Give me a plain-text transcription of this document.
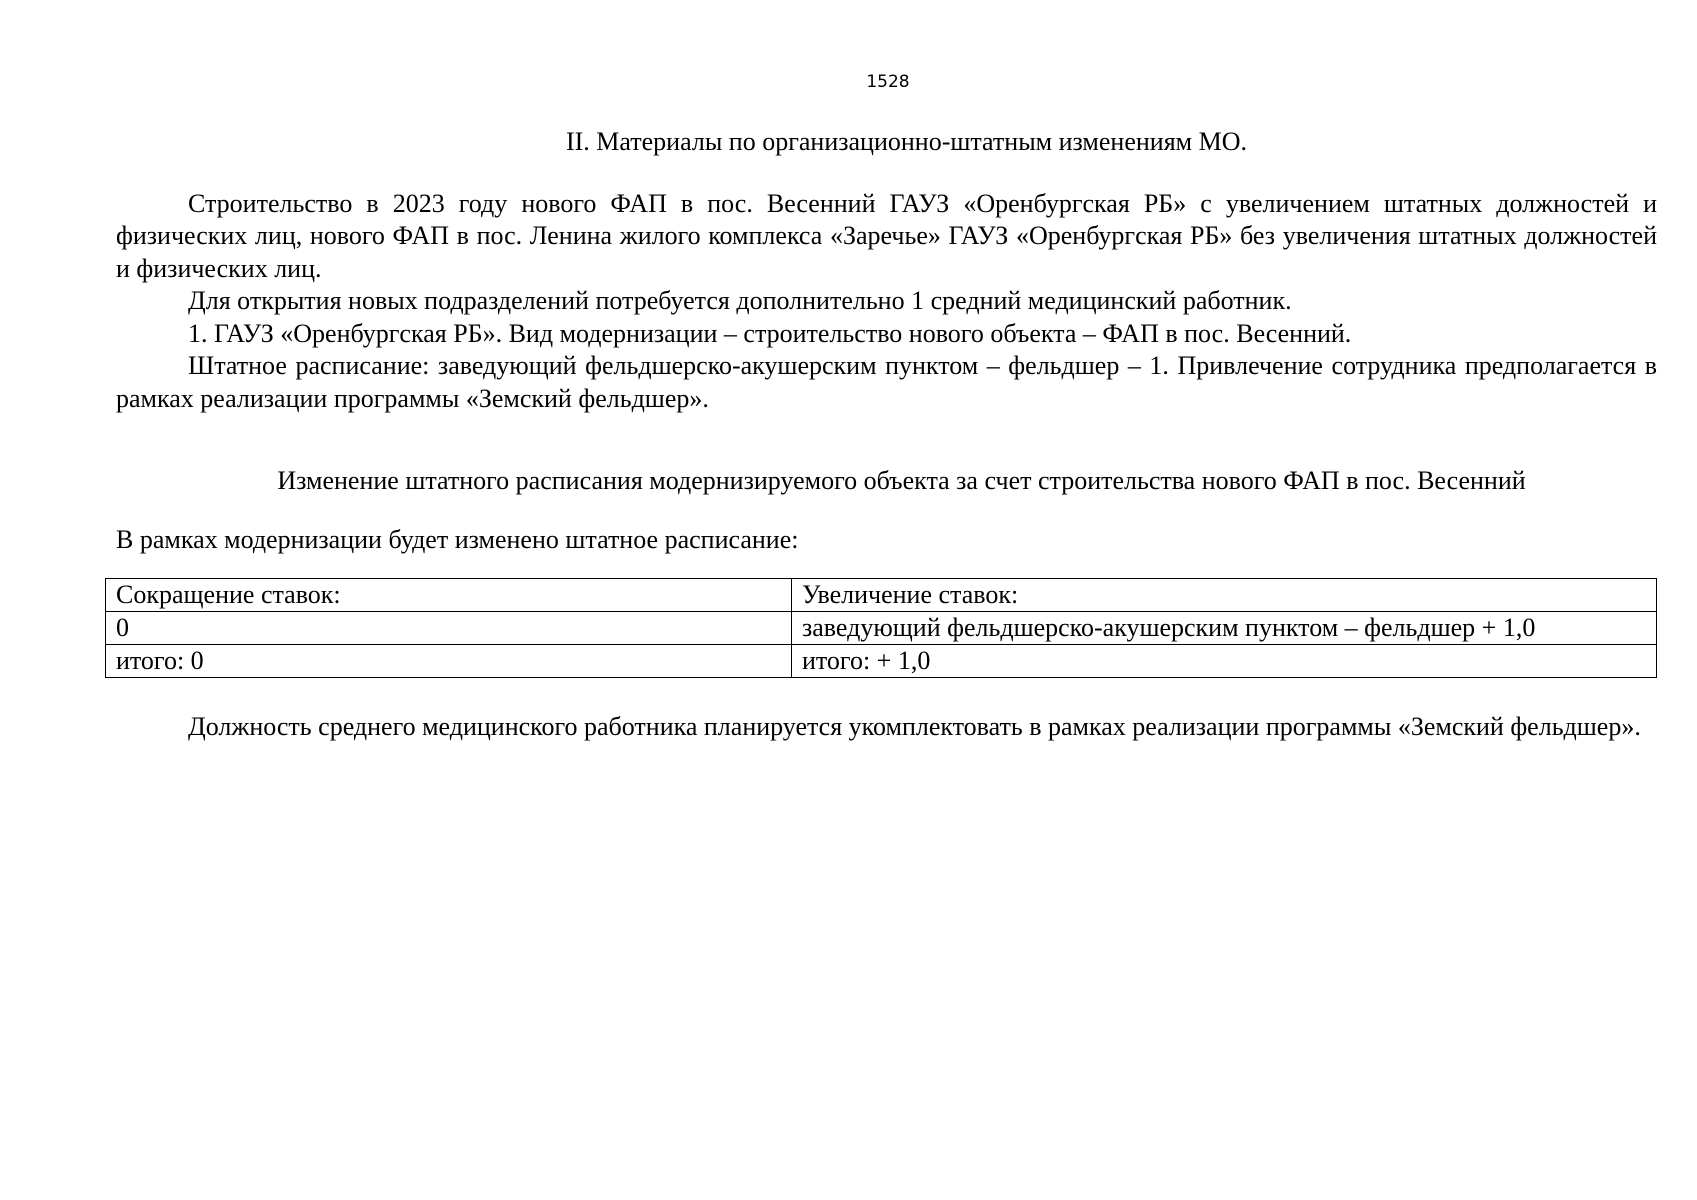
1528

II. Материалы по организационно-штатным изменениям МО.

Строительство в 2023 году нового ФАП в пос. Весенний ГАУЗ «Оренбургская РБ» с увеличением штатных должностей и физических лиц, нового ФАП в пос. Ленина жилого комплекса «Заречье» ГАУЗ «Оренбургская РБ» без увеличения штатных должностей и физических лиц.

Для открытия новых подразделений потребуется дополнительно 1 средний медицинский работник.

1. ГАУЗ «Оренбургская РБ». Вид модернизации – строительство нового объекта – ФАП в пос. Весенний.

Штатное расписание: заведующий фельдшерско-акушерским пунктом – фельдшер – 1. Привлечение сотрудника предполагается в рамках реализации программы «Земский фельдшер».

Изменение штатного расписания модернизируемого объекта за счет строительства нового ФАП в пос. Весенний

В рамках модернизации будет изменено штатное расписание:

Сокращение ставок:	Увеличение ставок:
0	заведующий фельдшерско-акушерским пунктом – фельдшер + 1,0
итого: 0	итого: + 1,0

Должность среднего медицинского работника планируется укомплектовать в рамках реализации программы «Земский фельдшер».
